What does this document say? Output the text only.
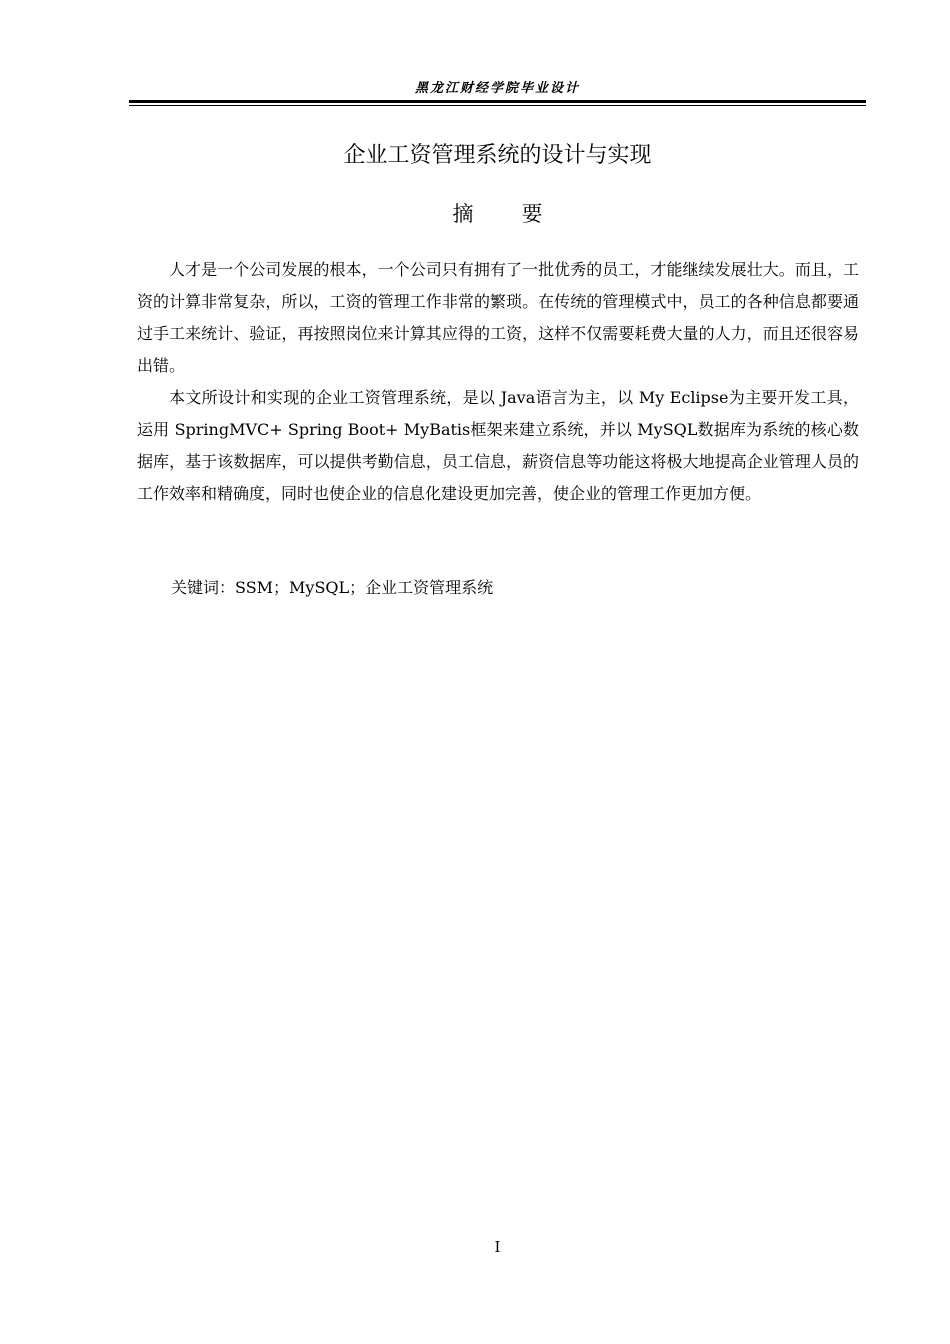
黑龙江财经学院毕业设计
企业工资管理系统的设计与实现
摘 要

人才是一个公司发展的根本，一个公司只有拥有了一批优秀的员工，才能继续发展壮大。而且，工资的计算非常复杂，所以，工资的管理工作非常的繁琐。在传统的管理模式中，员工的各种信息都要通过手工来统计、验证，再按照岗位来计算其应得的工资，这样不仅需要耗费大量的人力，而且还很容易出错。

本文所设计和实现的企业工资管理系统，是以 Java语言为主，以 My Eclipse为主要开发工具，运用 SpringMVC+ Spring Boot+ MyBatis框架来建立系统，并以 MySQL数据库为系统的核心数据库，基于该数据库，可以提供考勤信息，员工信息，薪资信息等功能这将极大地提高企业管理人员的工作效率和精确度，同时也使企业的信息化建设更加完善，使企业的管理工作更加方便。

关键词：SSM；MySQL；企业工资管理系统
I
